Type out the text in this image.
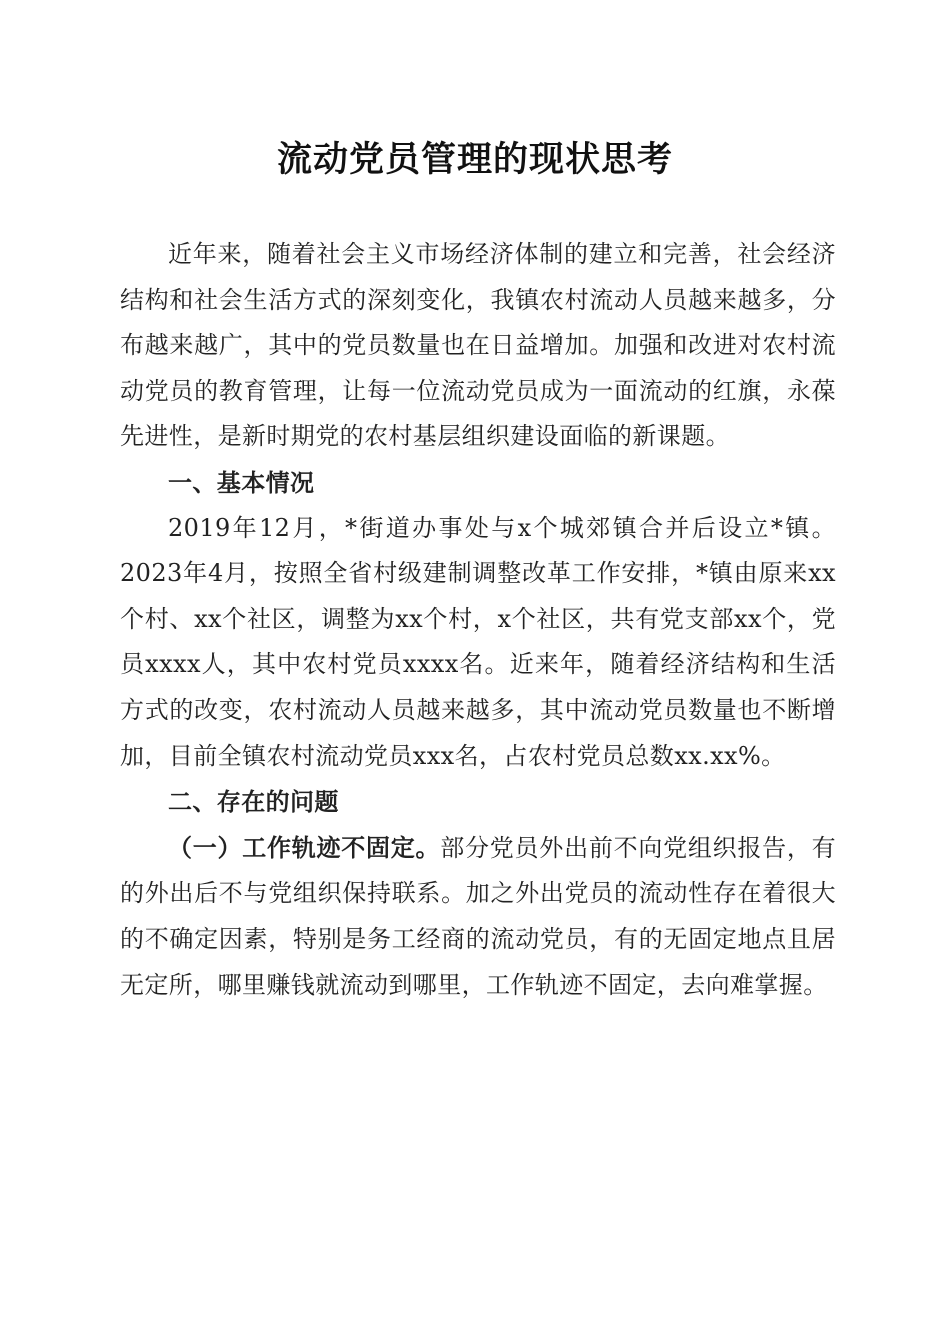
流动党员管理的现状思考

近年来，随着社会主义市场经济体制的建立和完善，社会经济结构和社会生活方式的深刻变化，我镇农村流动人员越来越多，分布越来越广，其中的党员数量也在日益增加。加强和改进对农村流动党员的教育管理，让每一位流动党员成为一面流动的红旗，永葆先进性，是新时期党的农村基层组织建设面临的新课题。

一、基本情况

2019年12月，*街道办事处与x个城郊镇合并后设立*镇。2023年4月，按照全省村级建制调整改革工作安排，*镇由原来xx个村、xx个社区，调整为xx个村，x个社区，共有党支部xx个，党员xxxx人，其中农村党员xxxx名。近来年，随着经济结构和生活方式的改变，农村流动人员越来越多，其中流动党员数量也不断增加，目前全镇农村流动党员xxx名，占农村党员总数xx.xx%。

二、存在的问题

（一）工作轨迹不固定。部分党员外出前不向党组织报告，有的外出后不与党组织保持联系。加之外出党员的流动性存在着很大的不确定因素，特别是务工经商的流动党员，有的无固定地点且居无定所，哪里赚钱就流动到哪里，工作轨迹不固定，去向难掌握。
